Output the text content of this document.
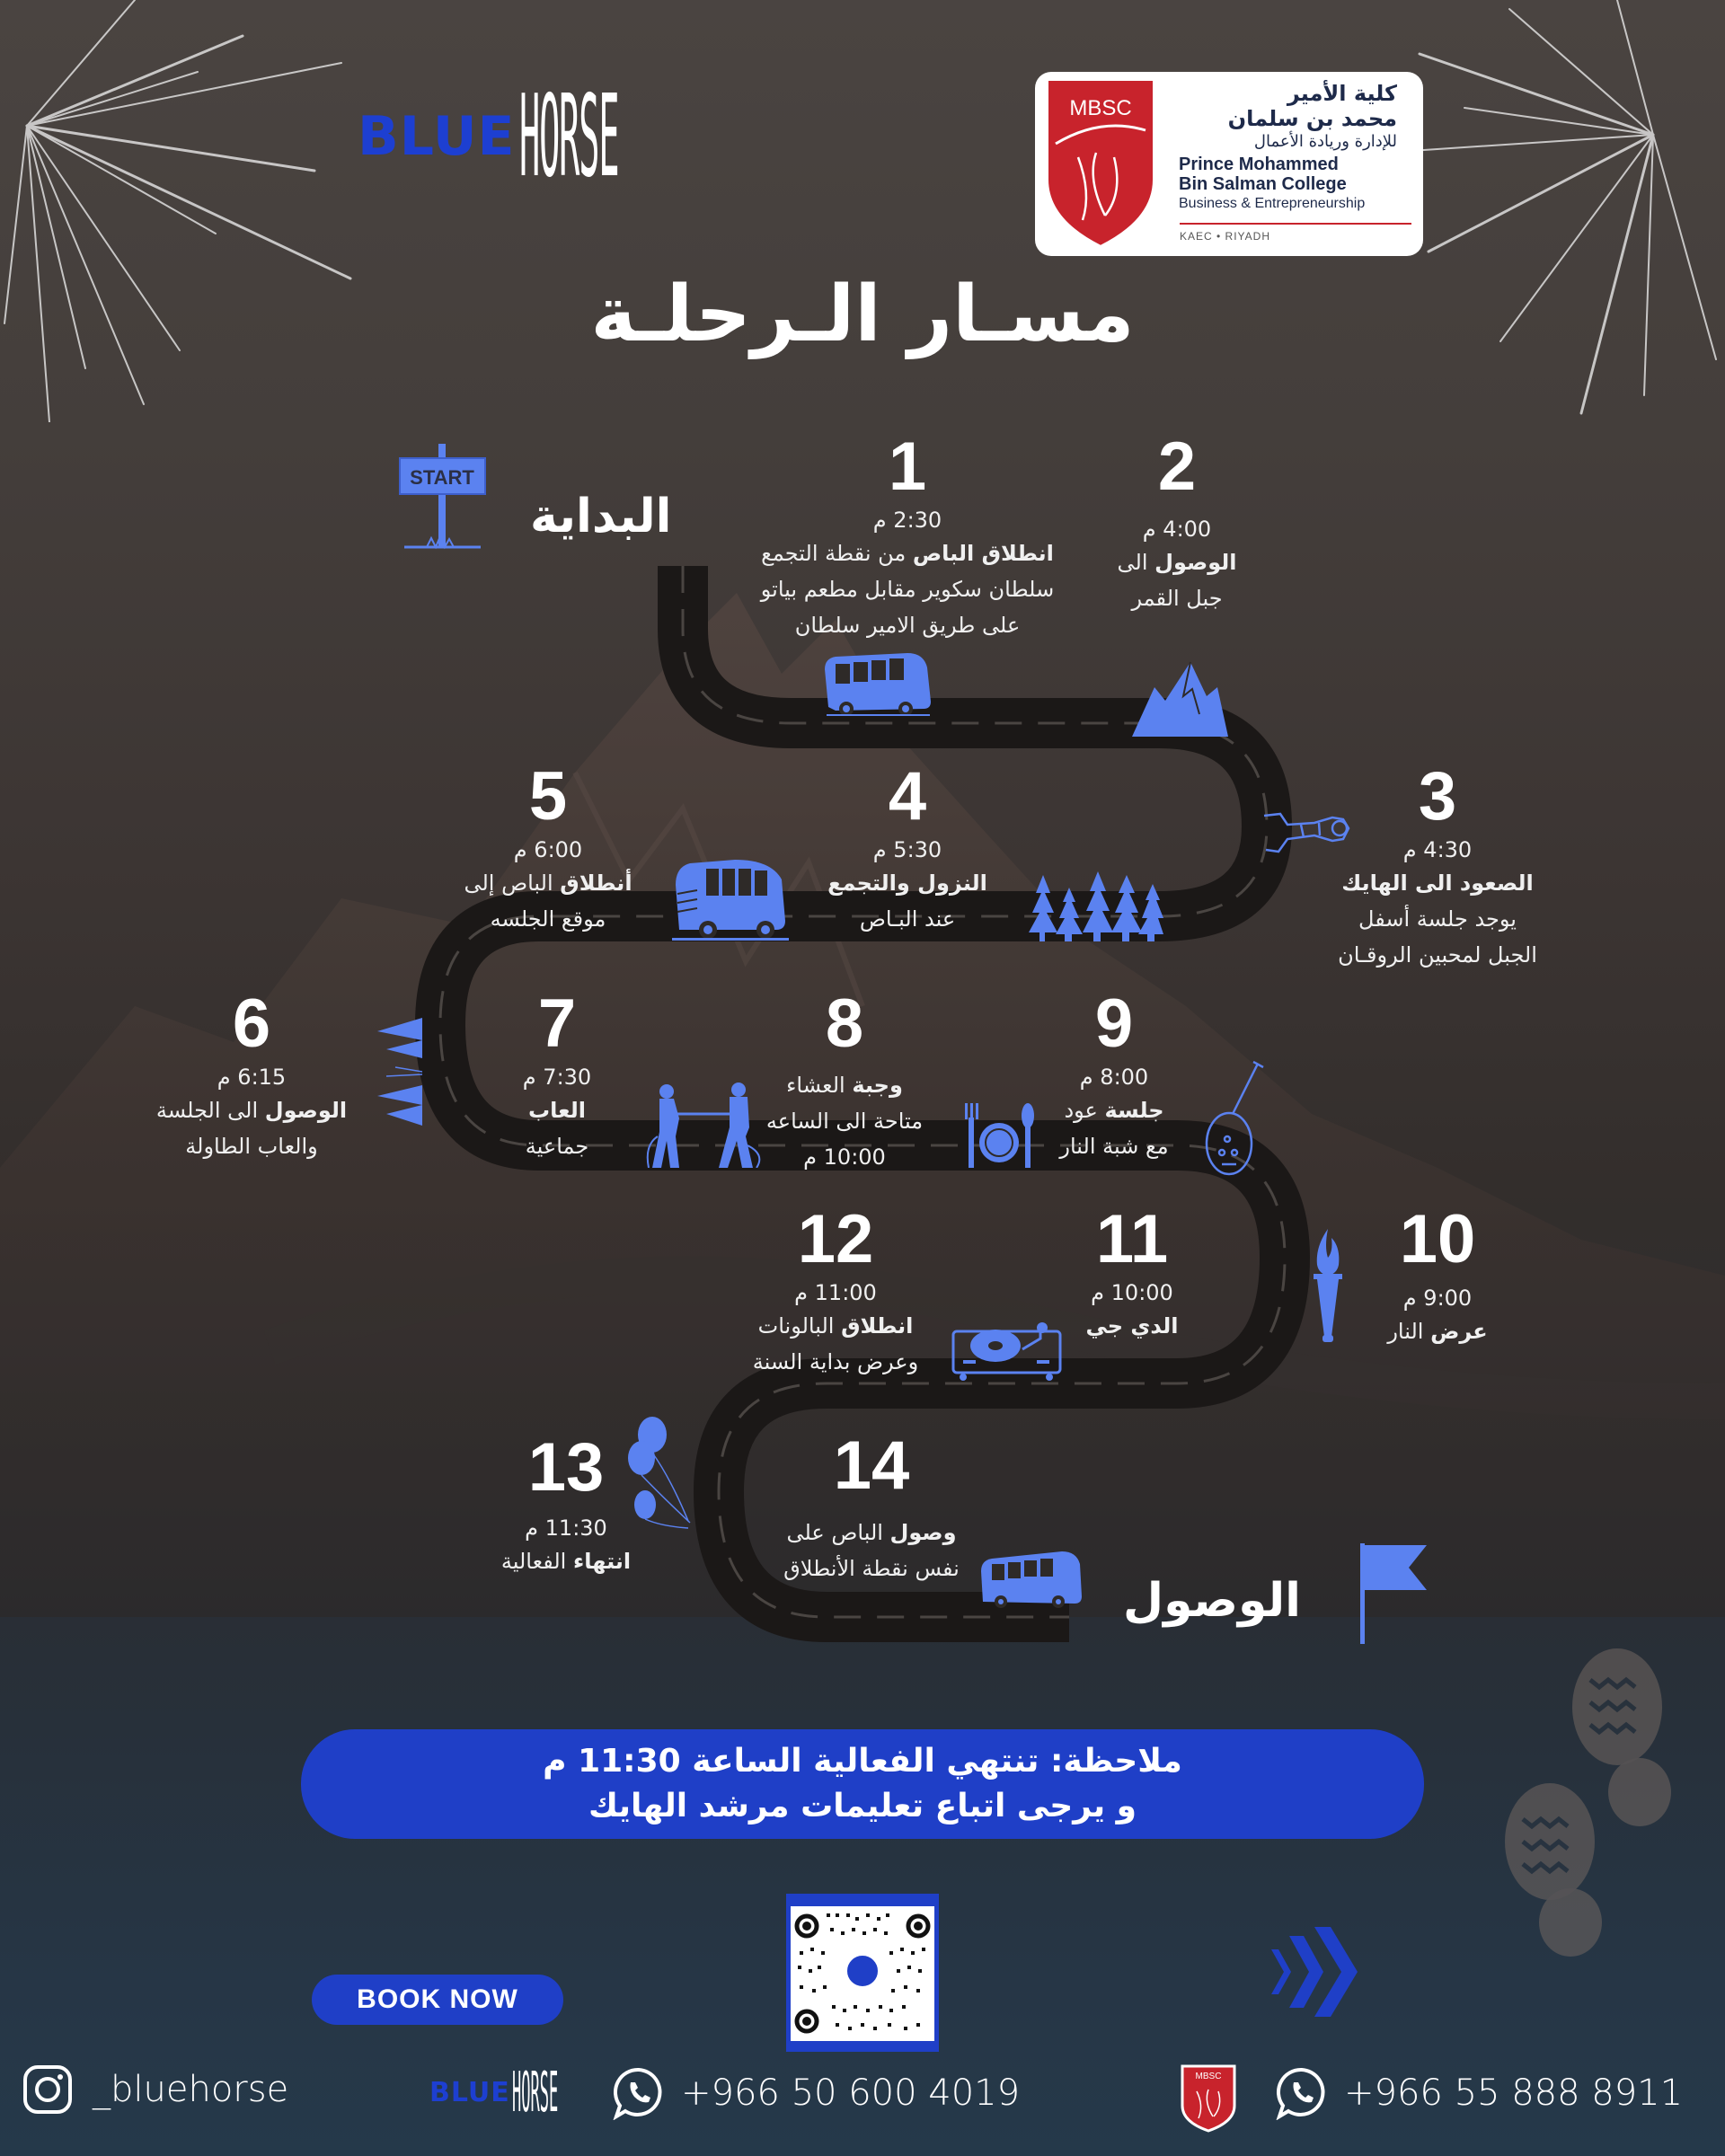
BLUE HORSE	MBSC
كلية الأمير
محمد بن سلمان
للإدارة وريادة الأعمال
Prince Mohammed
Bin Salman College
Business & Entrepreneurship
KAEC • RIYADH
مسـار الـرحلـة
START
البداية
الوصول
1
2:30 م
انطلاق الباص من نقطة التجمع
سلطان سكوير مقابل مطعم بياتو
على طريق الامير سلطان
2
4:00 م
الوصول الى
جبل القمر
3
4:30 م
الصعود الى الهايك
يوجد جلسة أسفل
الجبل لمحبين الروقـان
4
5:30 م
النزول والتجمع
عند البـاص
5
6:00 م
أنطلاق الباص إلى
موقع الجلسه
6
6:15 م
الوصول الى الجلسة
والعاب الطاولة
7
7:30 م
العاب
جماعية
8
وجبة العشاء
متاحة الى الساعه
10:00 م
9
8:00 م
جلسة عود
مع شبة النار
10
9:00 م
عرض النار
11
10:00 م
الدي جي
12
11:00 م
انطلاق البالونات
وعرض بداية السنة
13
11:30 م
انتهاء الفعالية
14
وصول الباص على
نفس نقطة الأنطلاق
ملاحظة: تنتهي الفعالية الساعة 11:30 م
و يرجى اتباع تعليمات مرشد الهايك
BOOK NOW
_bluehorse	BLUE HORSE	+966 50 600 4019	MBSC	+966 55 888 8911
